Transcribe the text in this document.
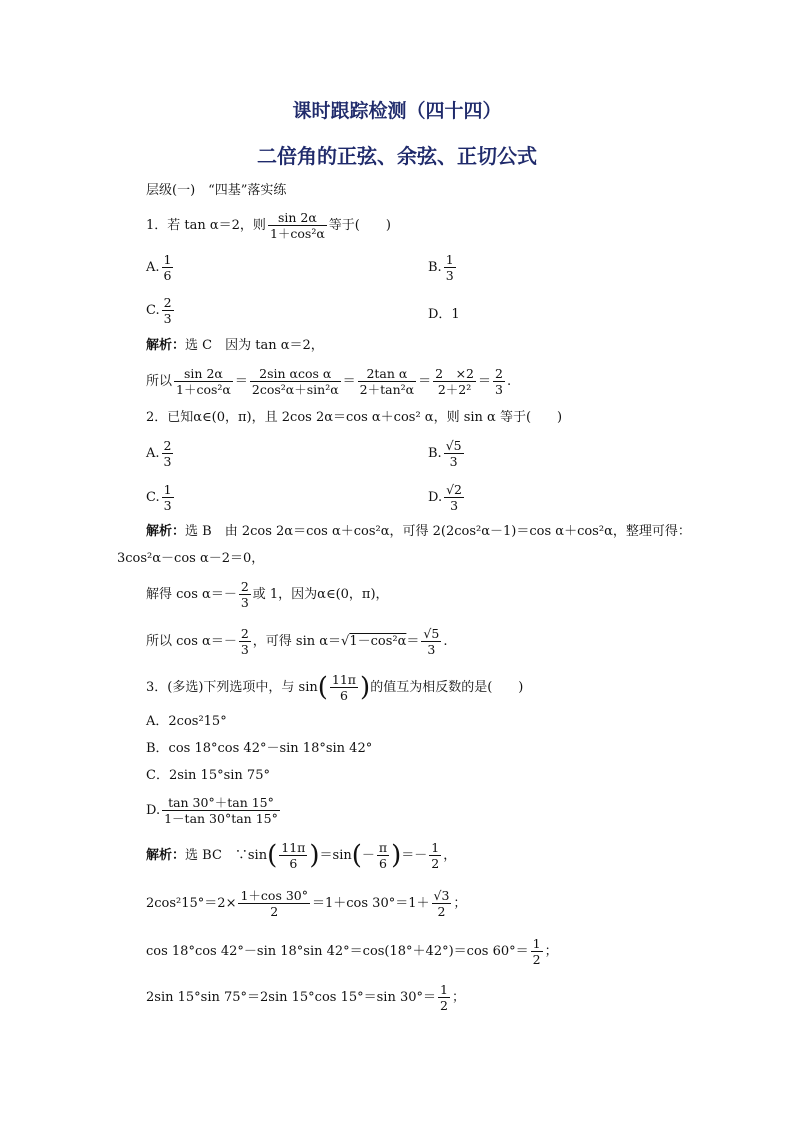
课时跟踪检测（四十四）
二倍角的正弦、余弦、正切公式
层级(一)　“四基”落实练
1．若 tan α＝2，则 $\frac{\sin 2\alpha}{\text{1＋cos²α}}$ 等于(　　)
A. $\frac{1}{6}$	B. $\frac{1}{3}$
C. $\frac{2}{3}$	D．1
解析：选 C　因为 tan α＝2，
所以 $\frac{\sin 2\alpha}{\text{1＋cos²α}} = \frac{\text{2sin αcos α}}{\text{2cos²α＋sin²α}} = \frac{\text{2tan α}}{\text{2＋tan²α}} = \frac{2 \times 2}{\text{2＋2²}} = \frac{2}{3}$ .
2．已知α∈(0，π)，且 2cos 2α＝cos α＋cos² α，则 sin α 等于(　　)
A. $\frac{2}{3}$	B. $\frac{√5}{3}$
C. $\frac{1}{3}$	D. $\frac{√2}{3}$
解析：选 B　由 2cos 2α＝cos α＋cos²α，可得 2(2cos²α－1)＝cos α＋cos²α，整理可得：
3cos²α－cos α－2＝0，
解得 $\cos \alpha=- \frac{2}{3}$ 或 1，因为α∈(0，π)，
所以 $\cos \alpha=- \frac{2}{3}$ ，可得 $\sin \alpha=√1-\cos^2\alpha= \frac{√5}{3}$ .
3．(多选)下列选项中，与 $\sin( \frac{11\pi}{6}$ )的值互为相反数的是(　　)
A．2cos²15°
B．cos 18°cos 42°－sin 18°sin 42°
C．2sin 15°sin 75°
D. $\frac{\tan 30^\circ+\tan 15^\circ}{1-\tan 30^\circ\tan 15^\circ}$
解析：选 BC　∵sin( $\frac{11\pi}{6} )=\sin(- \frac{\pi}{6}$ )＝－ $\frac{1}{2}$ ，
$2\cos^215^\circ=2\times \frac{1+\cos 30^\circ}{2} =1+\cos$ $30^\circ=1+ \frac{√3}{2}$ ；
cos 18°cos 42°－sin 18°sin 42°＝cos(18°＋42°)＝cos $60^\circ= \frac{1}{2}$ ；
2sin 15°sin 75°＝2sin 15°cos 15°＝sin $30^\circ= \frac{1}{2}$ ；
